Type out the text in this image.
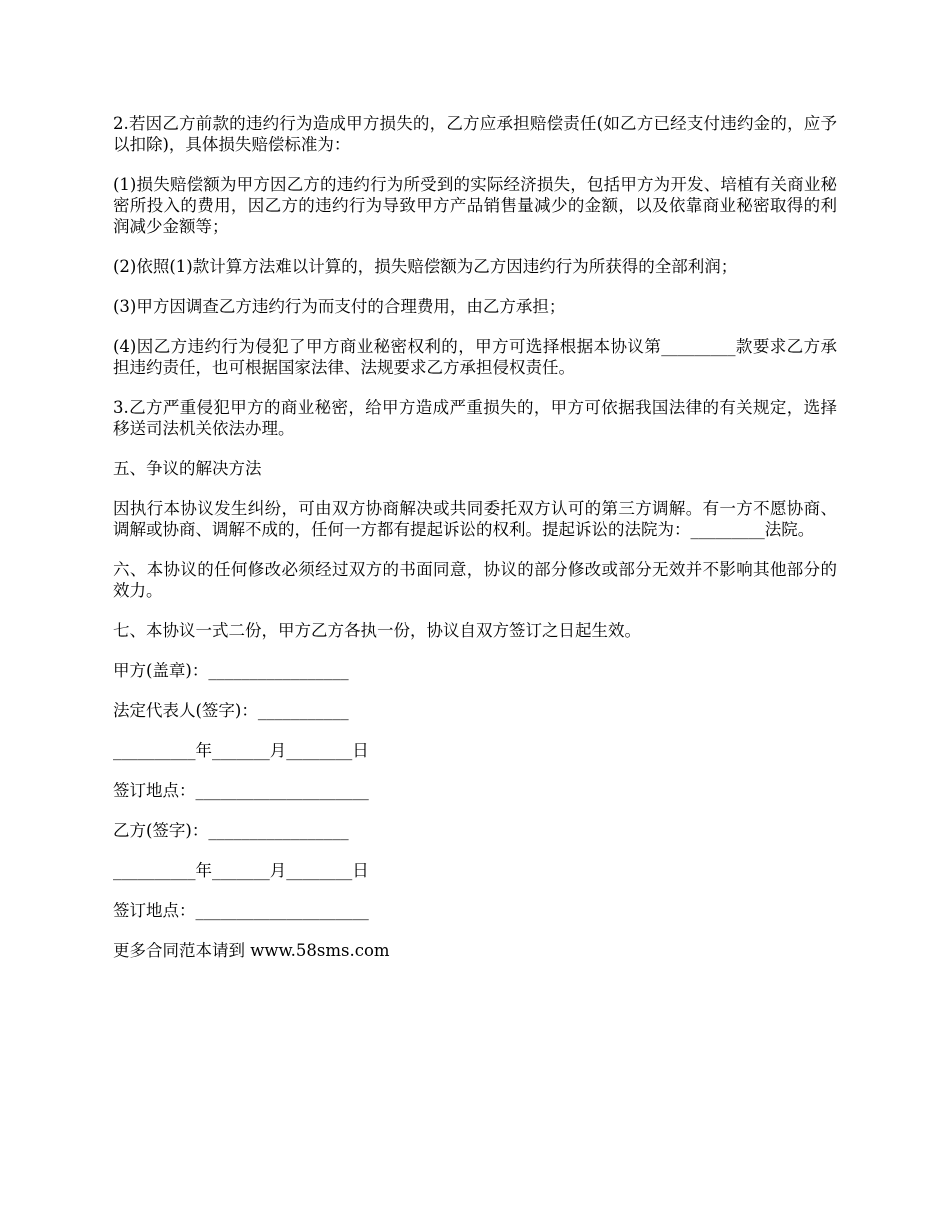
2.若因乙方前款的违约行为造成甲方损失的，乙方应承担赔偿责任(如乙方已经支付违约金的，应予以扣除)，具体损失赔偿标准为：

(1)损失赔偿额为甲方因乙方的违约行为所受到的实际经济损失，包括甲方为开发、培植有关商业秘密所投入的费用，因乙方的违约行为导致甲方产品销售量减少的金额，以及依靠商业秘密取得的利润减少金额等；

(2)依照(1)款计算方法难以计算的，损失赔偿额为乙方因违约行为所获得的全部利润；

(3)甲方因调查乙方违约行为而支付的合理费用，由乙方承担；

(4)因乙方违约行为侵犯了甲方商业秘密权利的，甲方可选择根据本协议第_________款要求乙方承担违约责任，也可根据国家法律、法规要求乙方承担侵权责任。

3.乙方严重侵犯甲方的商业秘密，给甲方造成严重损失的，甲方可依据我国法律的有关规定，选择移送司法机关依法办理。

五、争议的解决方法

因执行本协议发生纠纷，可由双方协商解决或共同委托双方认可的第三方调解。有一方不愿协商、调解或协商、调解不成的，任何一方都有提起诉讼的权利。提起诉讼的法院为：_________法院。

六、本协议的任何修改必须经过双方的书面同意，协议的部分修改或部分无效并不影响其他部分的效力。

七、本协议一式二份，甲方乙方各执一份，协议自双方签订之日起生效。

甲方(盖章)：_________________

法定代表人(签字)：___________

__________年_______月________日

签订地点：_____________________

乙方(签字)：_________________

__________年_______月________日

签订地点：_____________________

更多合同范本请到 www.58sms.com
